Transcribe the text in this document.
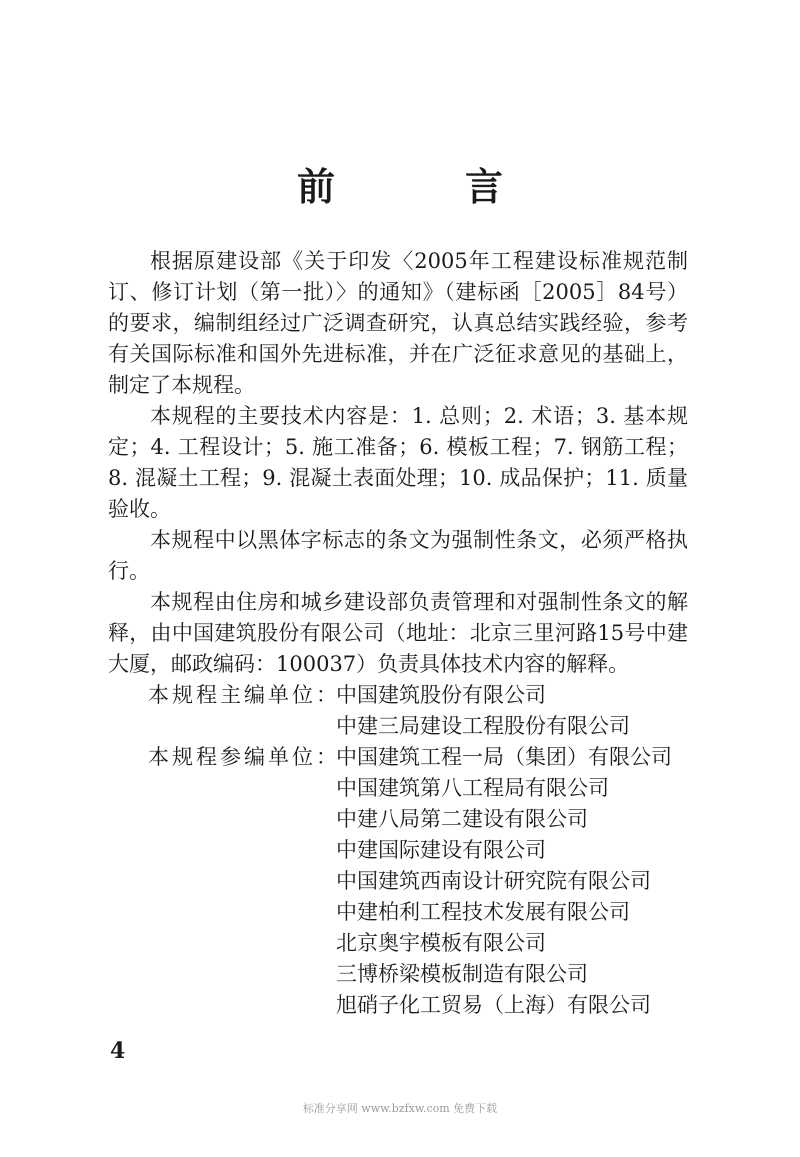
前　言

根据原建设部《关于印发〈2005年工程建设标准规范制订、修订计划（第一批）〉的通知》（建标函［2005］84号）的要求，编制组经过广泛调查研究，认真总结实践经验，参考有关国际标准和国外先进标准，并在广泛征求意见的基础上，制定了本规程。

本规程的主要技术内容是：1. 总则；2. 术语；3. 基本规定；4. 工程设计；5. 施工准备；6. 模板工程；7. 钢筋工程；8. 混凝土工程；9. 混凝土表面处理；10. 成品保护；11. 质量验收。

本规程中以黑体字标志的条文为强制性条文，必须严格执行。

本规程由住房和城乡建设部负责管理和对强制性条文的解释，由中国建筑股份有限公司（地址：北京三里河路15号中建大厦，邮政编码：100037）负责具体技术内容的解释。

本规程主编单位：
中国建筑股份有限公司
中建三局建设工程股份有限公司
本规程参编单位：
中国建筑工程一局（集团）有限公司
中国建筑第八工程局有限公司
中建八局第二建设有限公司
中建国际建设有限公司
中国建筑西南设计研究院有限公司
中建柏利工程技术发展有限公司
北京奥宇模板有限公司
三博桥梁模板制造有限公司
旭硝子化工贸易（上海）有限公司
4
标准分享网 www.bzfxw.com 免费下载
